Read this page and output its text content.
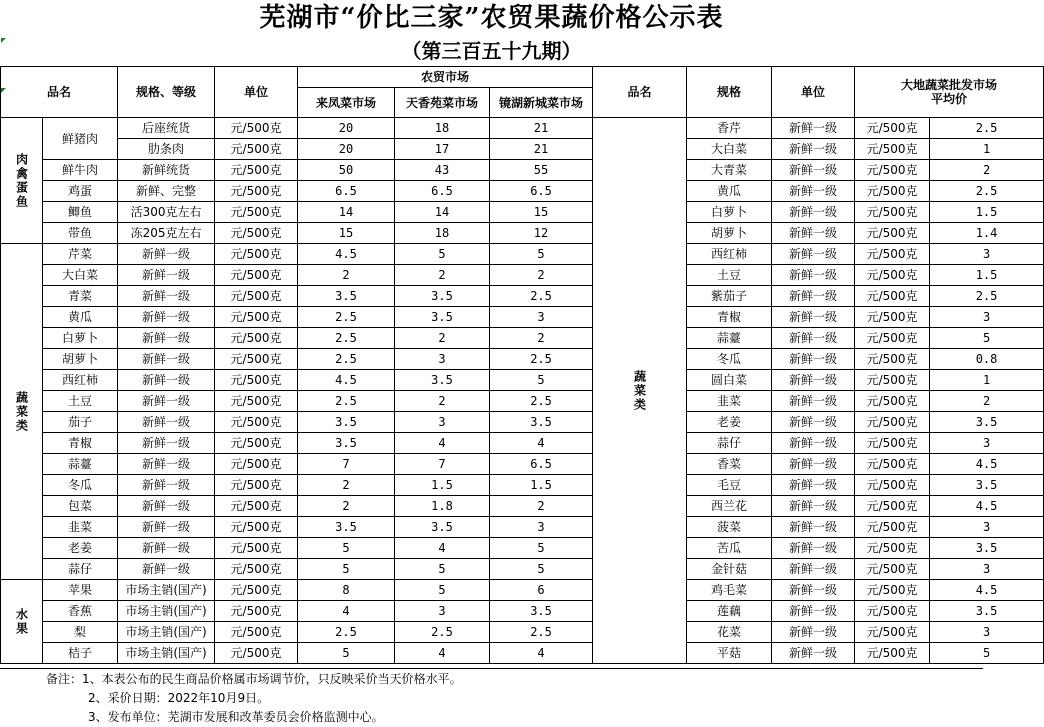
芜湖市“价比三家”农贸果蔬价格公示表
（第三百五十九期）
品名		规格、等级	单位	农贸市场			品名	规格	单位	大地蔬菜批发市场
平均价	
				来凤菜市场	天香苑菜市场	镜湖新城菜市场					
肉禽蛋鱼	鲜猪肉	后座统货	元/500克	20	18	21	蔬菜类	香芹	新鲜一级	元/500克	2.5
		肋条肉	元/500克	20	17	21		大白菜	新鲜一级	元/500克	1
	鲜牛肉	新鲜统货	元/500克	50	43	55		大青菜	新鲜一级	元/500克	2
	鸡蛋	新鲜、完整	元/500克	6.5	6.5	6.5		黄瓜	新鲜一级	元/500克	2.5
	鲫鱼	活300克左右	元/500克	14	14	15		白萝卜	新鲜一级	元/500克	1.5
	带鱼	冻205克左右	元/500克	15	18	12		胡萝卜	新鲜一级	元/500克	1.4
蔬菜类	芹菜	新鲜一级	元/500克	4.5	5	5		西红柿	新鲜一级	元/500克	3
	大白菜	新鲜一级	元/500克	2	2	2		土豆	新鲜一级	元/500克	1.5
	青菜	新鲜一级	元/500克	3.5	3.5	2.5		紫茄子	新鲜一级	元/500克	2.5
	黄瓜	新鲜一级	元/500克	2.5	3.5	3		青椒	新鲜一级	元/500克	3
	白萝卜	新鲜一级	元/500克	2.5	2	2		蒜薹	新鲜一级	元/500克	5
	胡萝卜	新鲜一级	元/500克	2.5	3	2.5		冬瓜	新鲜一级	元/500克	0.8
	西红柿	新鲜一级	元/500克	4.5	3.5	5		圆白菜	新鲜一级	元/500克	1
	土豆	新鲜一级	元/500克	2.5	2	2.5		韭菜	新鲜一级	元/500克	2
	茄子	新鲜一级	元/500克	3.5	3	3.5		老姜	新鲜一级	元/500克	3.5
	青椒	新鲜一级	元/500克	3.5	4	4		蒜仔	新鲜一级	元/500克	3
	蒜薹	新鲜一级	元/500克	7	7	6.5		香菜	新鲜一级	元/500克	4.5
	冬瓜	新鲜一级	元/500克	2	1.5	1.5		毛豆	新鲜一级	元/500克	3.5
	包菜	新鲜一级	元/500克	2	1.8	2		西兰花	新鲜一级	元/500克	4.5
	韭菜	新鲜一级	元/500克	3.5	3.5	3		菠菜	新鲜一级	元/500克	3
	老姜	新鲜一级	元/500克	5	4	5		苦瓜	新鲜一级	元/500克	3.5
	蒜仔	新鲜一级	元/500克	5	5	5		金针菇	新鲜一级	元/500克	3
水果	苹果	市场主销(国产)	元/500克	8	5	6		鸡毛菜	新鲜一级	元/500克	4.5
	香蕉	市场主销(国产)	元/500克	4	3	3.5		莲藕	新鲜一级	元/500克	3.5
	梨	市场主销(国产)	元/500克	2.5	2.5	2.5		花菜	新鲜一级	元/500克	3
	桔子	市场主销(国产)	元/500克	5	4	4		平菇	新鲜一级	元/500克	5
备注：1、本表公布的民生商品价格属市场调节价，只反映采价当天价格水平。
2、采价日期：2022年10月9日。
3、发布单位：芜湖市发展和改革委员会价格监测中心。
